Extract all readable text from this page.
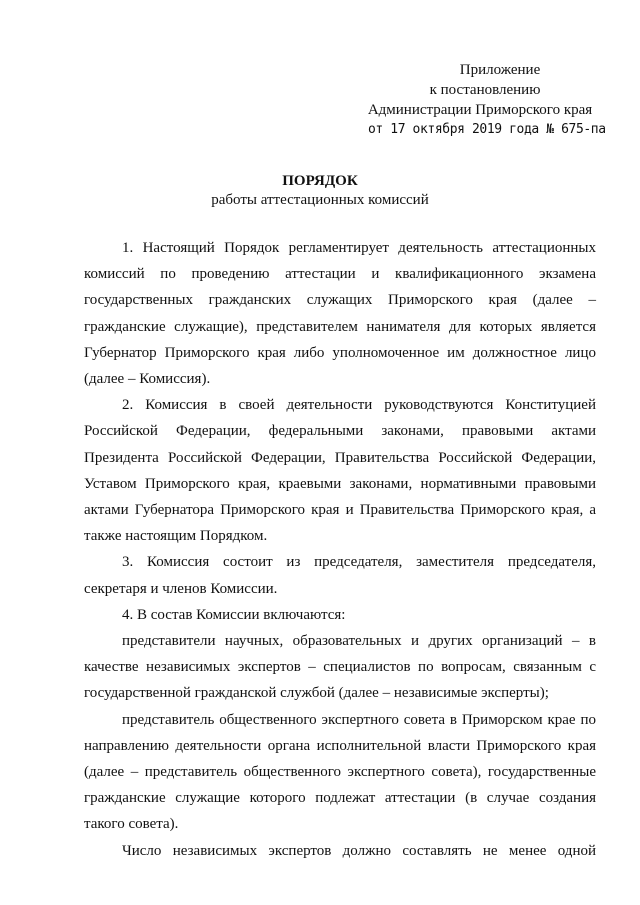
Приложение
к постановлению
Администрации Приморского края
от 17 октября 2019 года № 675-па
ПОРЯДОК
работы аттестационных комиссий

1. Настоящий Порядок регламентирует деятельность аттестационных комиссий по проведению аттестации и квалификационного экзамена государственных гражданских служащих Приморского края (далее – гражданские служащие), представителем нанимателя для которых является Губернатор Приморского края либо уполномоченное им должностное лицо (далее – Комиссия).

2. Комиссия в своей деятельности руководствуются Конституцией Российской Федерации, федеральными законами, правовыми актами Президента Российской Федерации, Правительства Российской Федерации, Уставом Приморского края, краевыми законами, нормативными правовыми актами Губернатора Приморского края и Правительства Приморского края, а также настоящим Порядком.

3. Комиссия состоит из председателя, заместителя председателя, секретаря и членов Комиссии.

4. В состав Комиссии включаются:

представители научных, образовательных и других организаций – в качестве независимых экспертов – специалистов по вопросам, связанным с государственной гражданской службой (далее – независимые эксперты);

представитель общественного экспертного совета в Приморском крае по направлению деятельности органа исполнительной власти Приморского края (далее – представитель общественного экспертного совета), государственные гражданские служащие которого подлежат аттестации (в случае создания такого совета).

Число независимых экспертов должно составлять не менее одной
